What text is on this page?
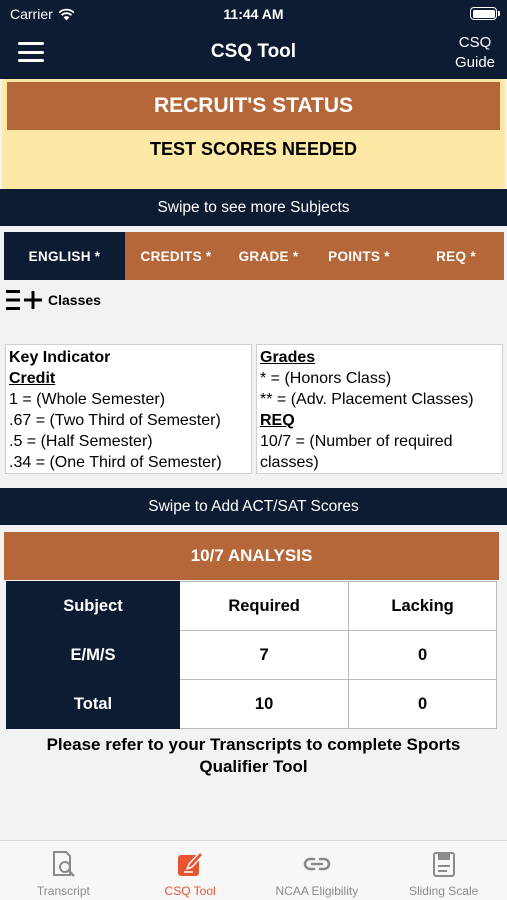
Carrier	11:44 AM
CSQ Tool	CSQ Guide
RECRUIT'S STATUS
TEST SCORES NEEDED
Swipe to see more Subjects
ENGLISH *	CREDITS *	GRADE *	POINTS *	REQ *
Classes
Key Indicator
Credit
1 = (Whole Semester)
.67 = (Two Third of Semester)
.5 = (Half Semester)
.34 = (One Third of Semester)
Grades
* = (Honors Class)
** = (Adv. Placement Classes)
REQ
10/7 = (Number of required classes)
Swipe to Add ACT/SAT Scores
10/7 ANALYSIS
Subject	Required	Lacking
E/M/S	7	0
Total	10	0
Please refer to your Transcripts to complete Sports Qualifier Tool
Transcript	CSQ Tool	NCAA Eligibility	Sliding Scale
